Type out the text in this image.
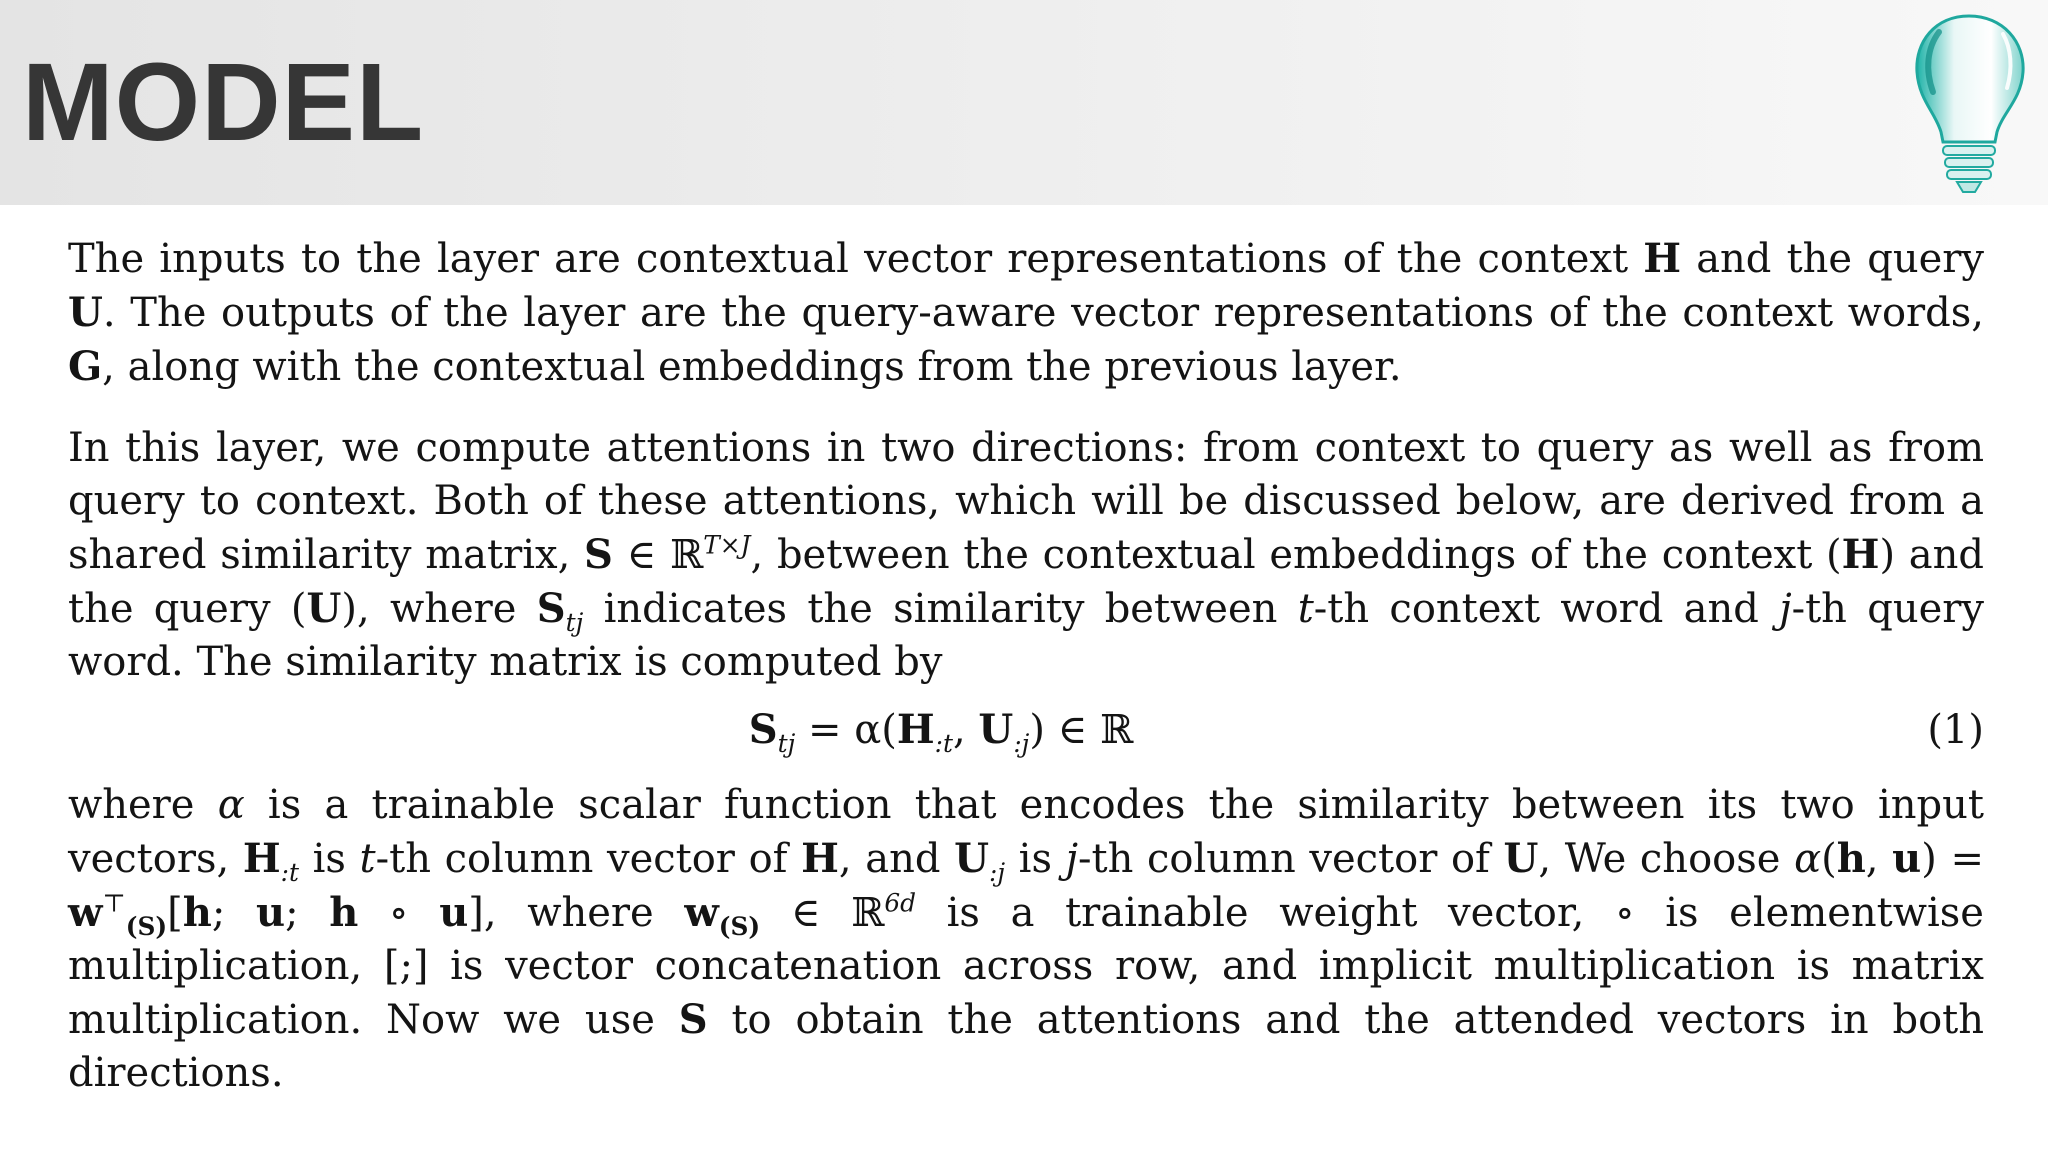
MODEL

The inputs to the layer are contextual vector representations of the context H and the query U. The outputs of the layer are the query-aware vector representations of the context words, G, along with the contextual embeddings from the previous layer.

In this layer, we compute attentions in two directions: from context to query as well as from query to context. Both of these attentions, which will be discussed below, are derived from a shared similarity matrix, S ∈ ℝ$^{T\times J}$, between the contextual embeddings of the context (H) and the query (U), where $S_{tj}$ indicates the similarity between t-th context word and j-th query word. The similarity matrix is computed by

$S_{tj} = \alpha(H_{:t}$, $U_{:j}$) ∈ ℝ	(1)

where α is a trainable scalar function that encodes the similarity between its two input vectors, $H_{:t}$ is t-th column vector of H, and $U_{:j}$ is j-th column vector of U, We choose α(h, $u) = w^⊤_{(S)}[h$; u; h ∘ u], where $w_{(S)}$ ∈ ℝ$^{6d}$ is a trainable weight vector, ∘ is elementwise multiplication, [;] is vector concatenation across row, and implicit multiplication is matrix multiplication. Now we use S to obtain the attentions and the attended vectors in both directions.
